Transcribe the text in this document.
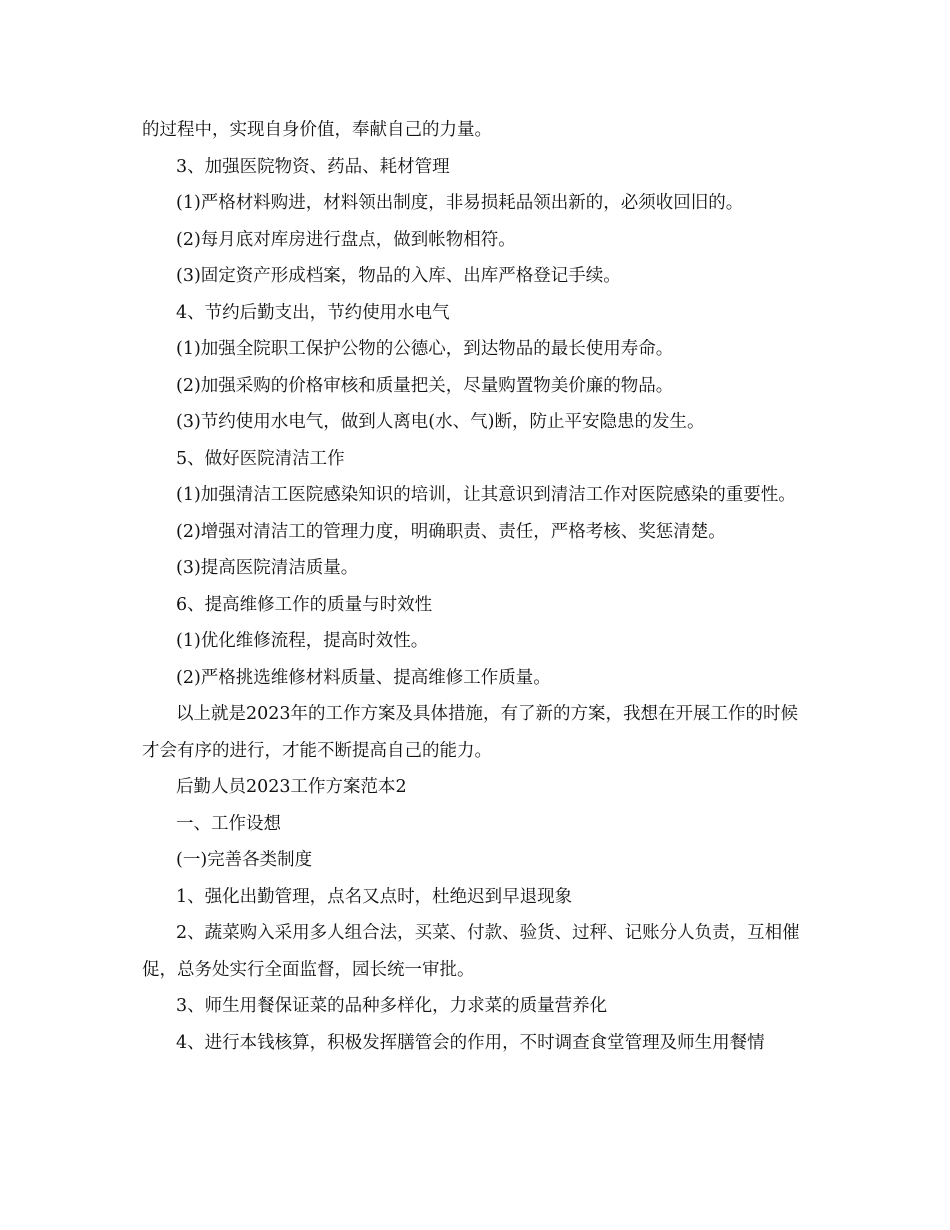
的过程中，实现自身价值，奉献自己的力量。

3、加强医院物资、药品、耗材管理

(1)严格材料购进，材料领出制度，非易损耗品领出新的，必须收回旧的。

(2)每月底对库房进行盘点，做到帐物相符。

(3)固定资产形成档案，物品的入库、出库严格登记手续。

4、节约后勤支出，节约使用水电气

(1)加强全院职工保护公物的公德心，到达物品的最长使用寿命。

(2)加强采购的价格审核和质量把关，尽量购置物美价廉的物品。

(3)节约使用水电气，做到人离电(水、气)断，防止平安隐患的发生。

5、做好医院清洁工作

(1)加强清洁工医院感染知识的培训，让其意识到清洁工作对医院感染的重要性。

(2)增强对清洁工的管理力度，明确职责、责任，严格考核、奖惩清楚。

(3)提高医院清洁质量。

6、提高维修工作的质量与时效性

(1)优化维修流程，提高时效性。

(2)严格挑选维修材料质量、提高维修工作质量。

以上就是2023年的工作方案及具体措施，有了新的方案，我想在开展工作的时候才会有序的进行，才能不断提高自己的能力。

后勤人员2023工作方案范本2

一、工作设想

(一)完善各类制度

1、强化出勤管理，点名又点时，杜绝迟到早退现象

2、蔬菜购入采用多人组合法，买菜、付款、验货、过秤、记账分人负责，互相催促，总务处实行全面监督，园长统一审批。

3、师生用餐保证菜的品种多样化，力求菜的质量营养化

4、进行本钱核算，积极发挥膳管会的作用，不时调查食堂管理及师生用餐情
